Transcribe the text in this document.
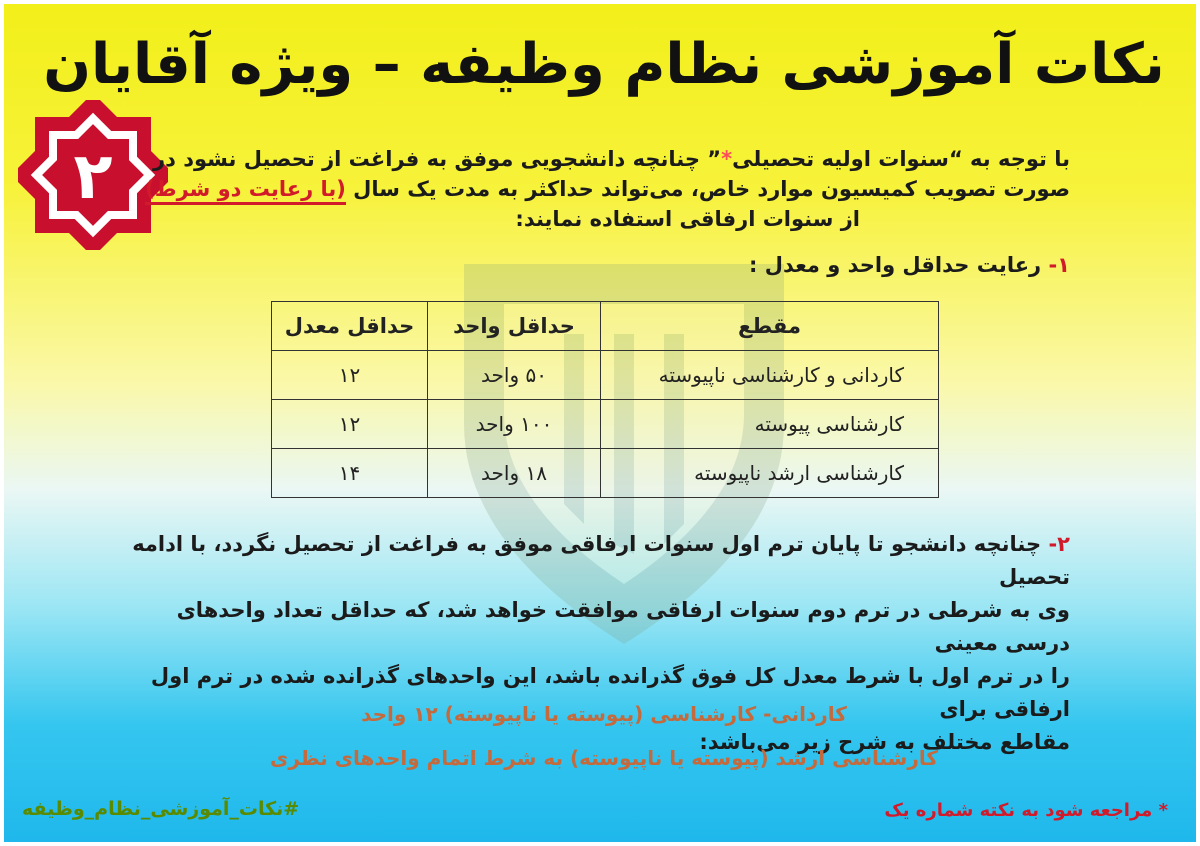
نکات آموزشی نظام وظیفه – ویژه آقایان
۲	با توجه به “سنوات اولیه تحصیلی*” چنانچه دانشجویی موفق به فراغت از تحصیل نشود در صورت تصویب کمیسیون موارد خاص، می‌تواند حداکثر به مدت یک سال (با رعایت دو شرط)
از سنوات ارفاقی استفاده نمایند:
۱- رعایت حداقل واحد و معدل :
مقطع	حداقل واحد	حداقل معدل
کاردانی و کارشناسی ناپیوسته	۵۰ واحد	۱۲
کارشناسی پیوسته	۱۰۰ واحد	۱۲
کارشناسی ارشد ناپیوسته	۱۸ واحد	۱۴
۲- چنانچه دانشجو تا پایان ترم اول سنوات ارفاقی موفق به فراغت از تحصیل نگردد، با ادامه تحصیل
وی به شرطی در ترم دوم سنوات ارفاقی موافقت خواهد شد، که حداقل تعداد واحدهای درسی معینی
را در ترم اول با شرط معدل کل فوق گذرانده باشد، این واحدهای گذرانده شده در ترم اول ارفاقی برای
مقاطع مختلف به شرح زیر می‌باشد:
کاردانی- کارشناسی (پیوسته یا ناپیوسته) ۱۲ واحد
کارشناسی ارشد (پیوسته یا ناپیوسته) به شرط اتمام واحدهای نظری
#نکات_آموزشی_نظام_وظیفه	* مراجعه شود به نکته شماره یک
